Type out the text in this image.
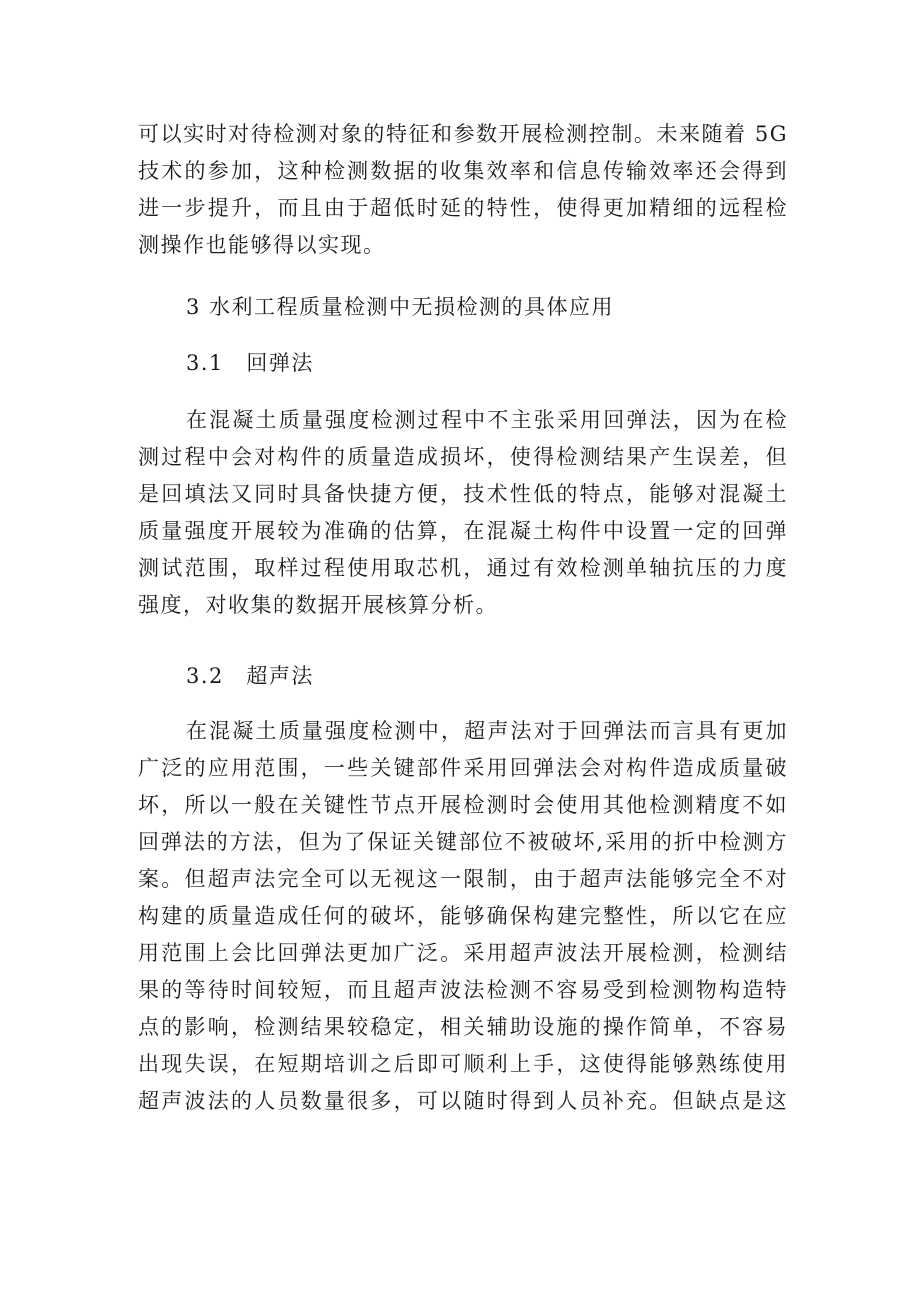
可以实时对待检测对象的特征和参数开展检测控制。未来随着 5G
技术的参加，这种检测数据的收集效率和信息传输效率还会得到
进一步提升，而且由于超低时延的特性，使得更加精细的远程检
测操作也能够得以实现。
3 水利工程质量检测中无损检测的具体应用
3.1　回弹法
在混凝土质量强度检测过程中不主张采用回弹法，因为在检
测过程中会对构件的质量造成损坏，使得检测结果产生误差，但
是回填法又同时具备快捷方便，技术性低的特点，能够对混凝土
质量强度开展较为准确的估算，在混凝土构件中设置一定的回弹
测试范围，取样过程使用取芯机，通过有效检测单轴抗压的力度
强度，对收集的数据开展核算分析。
3.2　超声法
在混凝土质量强度检测中，超声法对于回弹法而言具有更加
广泛的应用范围，一些关键部件采用回弹法会对构件造成质量破
坏，所以一般在关键性节点开展检测时会使用其他检测精度不如
回弹法的方法，但为了保证关键部位不被破坏,采用的折中检测方
案。但超声法完全可以无视这一限制，由于超声法能够完全不对
构建的质量造成任何的破坏，能够确保构建完整性，所以它在应
用范围上会比回弹法更加广泛。采用超声波法开展检测，检测结
果的等待时间较短，而且超声波法检测不容易受到检测物构造特
点的影响，检测结果较稳定，相关辅助设施的操作简单，不容易
出现失误，在短期培训之后即可顺利上手，这使得能够熟练使用
超声波法的人员数量很多，可以随时得到人员补充。但缺点是这
